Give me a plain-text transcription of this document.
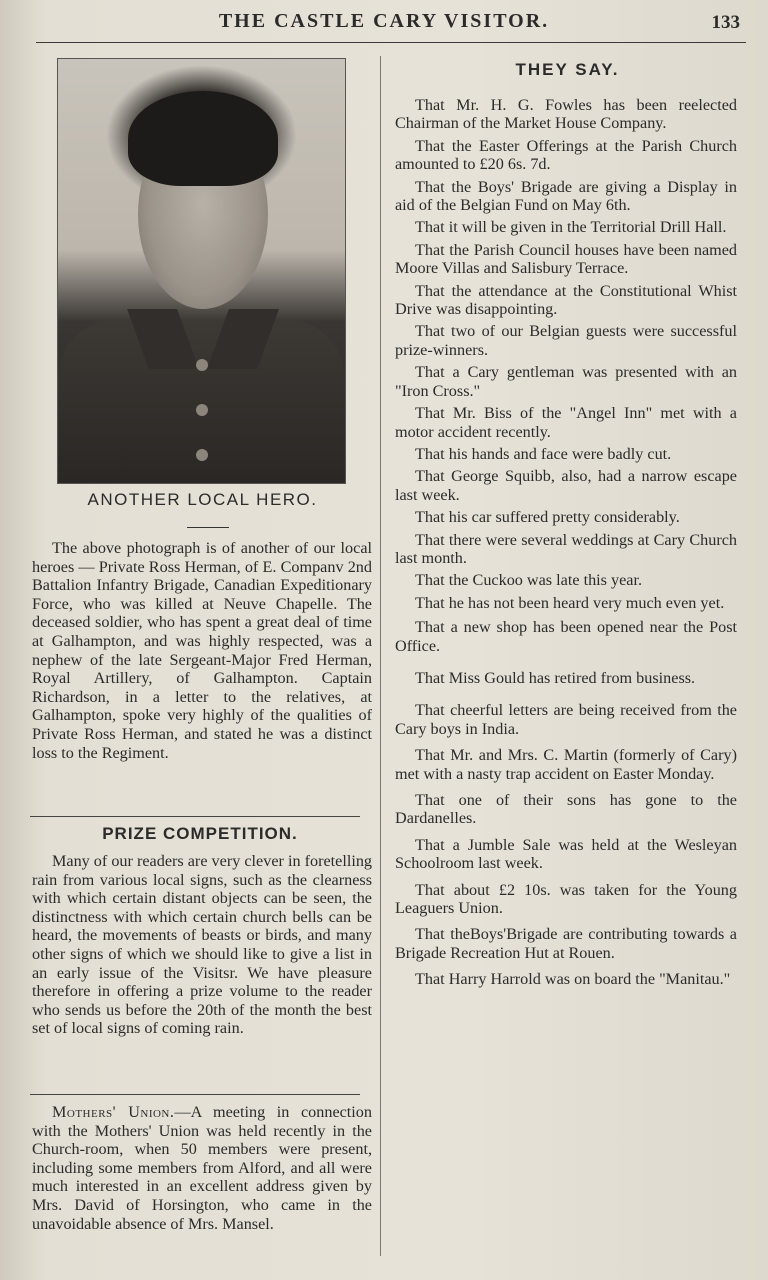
THE CASTLE CARY VISITOR.	133
ANOTHER LOCAL HERO.

The above photograph is of another of our local heroes — Private Ross Herman, of E. Companv 2nd Battalion Infantry Brigade, Canadian Expeditionary Force, who was killed at Neuve Chapelle. The deceased soldier, who has spent a great deal of time at Galhampton, and was highly respected, was a nephew of the late Sergeant-Major Fred Herman, Royal Artillery, of Galhampton. Captain Richardson, in a letter to the relatives, at Galhampton, spoke very highly of the qualities of Private Ross Herman, and stated he was a distinct loss to the Regiment.

PRIZE COMPETITION.

Many of our readers are very clever in foretelling rain from various local signs, such as the clearness with which certain distant objects can be seen, the distinctness with which certain church bells can be heard, the movements of beasts or birds, and many other signs of which we should like to give a list in an early issue of the Visitsr. We have pleasure therefore in offering a prize volume to the reader who sends us before the 20th of the month the best set of local signs of coming rain.

Mothers' Union.—A meeting in connection with the Mothers' Union was held recently in the Church-room, when 50 members were present, including some members from Alford, and all were much interested in an excellent address given by Mrs. David of Horsington, who came in the unavoidable absence of Mrs. Mansel.

THEY SAY.

That Mr. H. G. Fowles has been reelected Chairman of the Market House Company.

That the Easter Offerings at the Parish Church amounted to £20 6s. 7d.

That the Boys' Brigade are giving a Display in aid of the Belgian Fund on May 6th.

That it will be given in the Territorial Drill Hall.

That the Parish Council houses have been named Moore Villas and Salisbury Terrace.

That the attendance at the Constitutional Whist Drive was disappointing.

That two of our Belgian guests were successful prize-winners.

That a Cary gentleman was presented with an "Iron Cross."

That Mr. Biss of the "Angel Inn" met with a motor accident recently.

That his hands and face were badly cut.

That George Squibb, also, had a narrow escape last week.

That his car suffered pretty considerably.

That there were several weddings at Cary Church last month.

That the Cuckoo was late this year.

That he has not been heard very much even yet.

That a new shop has been opened near the Post Office.

That Miss Gould has retired from business.

That cheerful letters are being received from the Cary boys in India.

That Mr. and Mrs. C. Martin (formerly of Cary) met with a nasty trap accident on Easter Monday.

That one of their sons has gone to the Dardanelles.

That a Jumble Sale was held at the Wesleyan Schoolroom last week.

That about £2 10s. was taken for the Young Leaguers Union.

That theBoys'Brigade are contributing towards a Brigade Recreation Hut at Rouen.

That Harry Harrold was on board the "Manitau."
